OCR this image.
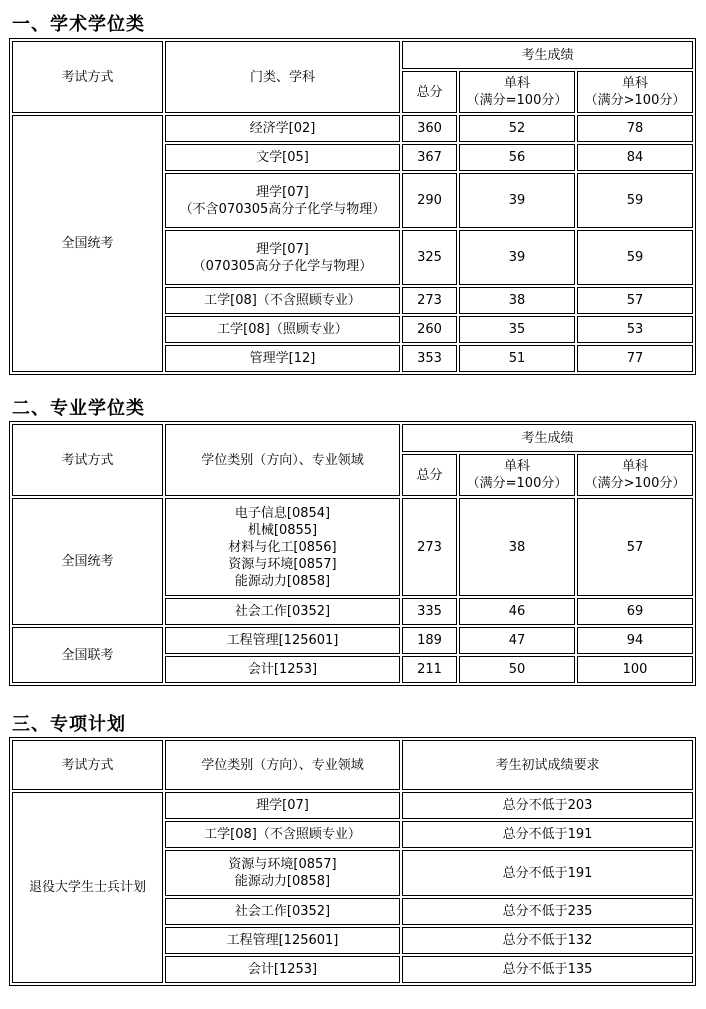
一、学术学位类
考试方式	门类、学科	考生成绩		
		总分	单科
（满分=100分）	单科
（满分>100分）

全国统考	经济学[02]	360	52	78
	文学[05]	367	56	84

	理学[07]
（不含070305高分子化学与物理）	290	39	59

	理学[07]
（070305高分子化学与物理）	325	39	59
	工学[08]（不含照顾专业）	273	38	57
	工学[08]（照顾专业）	260	35	53
	管理学[12]	353	51	77
二、专业学位类
考试方式	学位类别（方向）、专业领域	考生成绩		
		总分	单科
（满分=100分）	单科
（满分>100分）

全国统考	电子信息[0854]
机械[0855]
材料与化工[0856]
资源与环境[0857]
能源动力[0858]	273	38	57
	社会工作[0352]	335	46	69
全国联考	工程管理[125601]	189	47	94
	会计[1253]	211	50	100
三、专项计划
考试方式	学位类别（方向）、专业领域	考生初试成绩要求
退役大学生士兵计划	理学[07]	总分不低于203
	工学[08]（不含照顾专业）	总分不低于191

	资源与环境[0857]
能源动力[0858]	总分不低于191
	社会工作[0352]	总分不低于235
	工程管理[125601]	总分不低于132
	会计[1253]	总分不低于135
